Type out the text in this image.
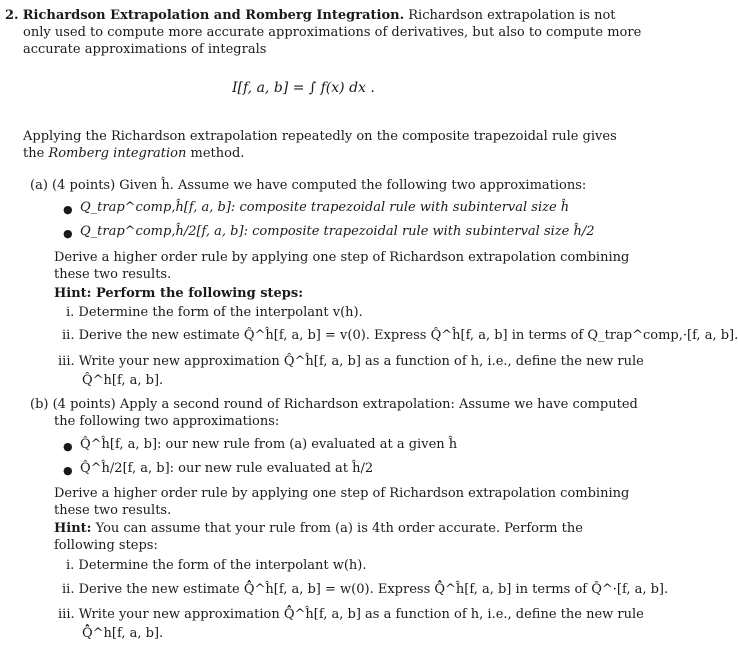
2. Richardson Extrapolation and Romberg Integration. Richardson extrapolation is not
only used to compute more accurate approximations of derivatives, but also to compute more
accurate approximations of integrals
I[f, a, b] = ∫ f(x) dx .
Applying the Richardson extrapolation repeatedly on the composite trapezoidal rule gives
the Romberg integration method.
(a) (4 points) Given ĥ. Assume we have computed the following two approximations:
● Q_trap^comp,ĥ[f, a, b]: composite trapezoidal rule with subinterval size ĥ
● Q_trap^comp,ĥ/2[f, a, b]: composite trapezoidal rule with subinterval size ĥ/2
Derive a higher order rule by applying one step of Richardson extrapolation combining
these two results.
Hint: Perform the following steps:
i. Determine the form of the interpolant v(h).
ii. Derive the new estimate Q̂^ĥ[f, a, b] = v(0). Express Q̂^ĥ[f, a, b] in terms of Q_trap^comp,·[f, a, b].
iii. Write your new approximation Q̂^ĥ[f, a, b] as a function of h, i.e., define the new rule
Q̂^h[f, a, b].
(b) (4 points) Apply a second round of Richardson extrapolation: Assume we have computed
the following two approximations:
● Q̂^ĥ[f, a, b]: our new rule from (a) evaluated at a given ĥ
● Q̂^ĥ/2[f, a, b]: our new rule evaluated at ĥ/2
Derive a higher order rule by applying one step of Richardson extrapolation combining
these two results.
Hint: You can assume that your rule from (a) is 4th order accurate. Perform the
following steps:
i. Determine the form of the interpolant w(h).
ii. Derive the new estimate Q̂̂^ĥ[f, a, b] = w(0). Express Q̂̂^ĥ[f, a, b] in terms of Q̂^·[f, a, b].
iii. Write your new approximation Q̂̂^ĥ[f, a, b] as a function of h, i.e., define the new rule
Q̂̂^h[f, a, b].
